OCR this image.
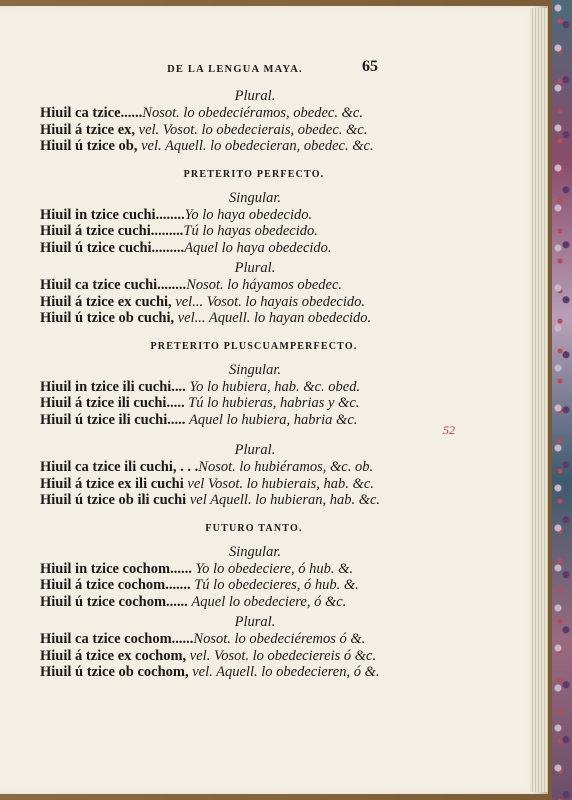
DE LA LENGUA MAYA.	65
52
Plural.
Hiuil ca tzice......Nosot. lo obedeciéramos, obedec. &c.
Hiuil á tzice ex, vel. Vosot. lo obedecierais, obedec. &c.
Hiuil ú tzice ob, vel. Aquell. lo obedecieran, obedec. &c.
PRETERITO PERFECTO.
Singular.
Hiuil in tzice cuchi........Yo lo haya obedecido.
Hiuil á tzice cuchi.........Tú lo hayas obedecido.
Hiuil ú tzice cuchi.........Aquel lo haya obedecido.
Plural.
Hiuil ca tzice cuchi........Nosot. lo háyamos obedec.
Hiuil á tzice ex cuchi, vel... Vosot. lo hayais obedecido.
Hiuil ú tzice ob cuchi, vel... Aquell. lo hayan obedecido.
PRETERITO PLUSCUAMPERFECTO.
Singular.
Hiuil in tzice ili cuchi.... Yo lo hubiera, hab. &c. obed.
Hiuil á tzice ili cuchi..... Tú lo hubieras, habrias y &c.
Hiuil ú tzice ili cuchi..... Aquel lo hubiera, habria &c.
Plural.
Hiuil ca tzice ili cuchi, . . .Nosot. lo hubiéramos, &c. ob.
Hiuil á tzice ex ili cuchi vel Vosot. lo hubierais, hab. &c.
Hiuil ú tzice ob ili cuchi vel Aquell. lo hubieran, hab. &c.
FUTURO TANTO.
Singular.
Hiuil in tzice cochom...... Yo lo obedeciere, ó hub. &.
Hiuil á tzice cochom....... Tú lo obedecieres, ó hub. &.
Hiuil ú tzice cochom...... Aquel lo obedeciere, ó &c.
Plural.
Hiuil ca tzice cochom......Nosot. lo obedeciéremos ó &.
Hiuil á tzice ex cochom, vel. Vosot. lo obedeciereis ó &c.
Hiuil ú tzice ob cochom, vel. Aquell. lo obedecieren, ó &.
